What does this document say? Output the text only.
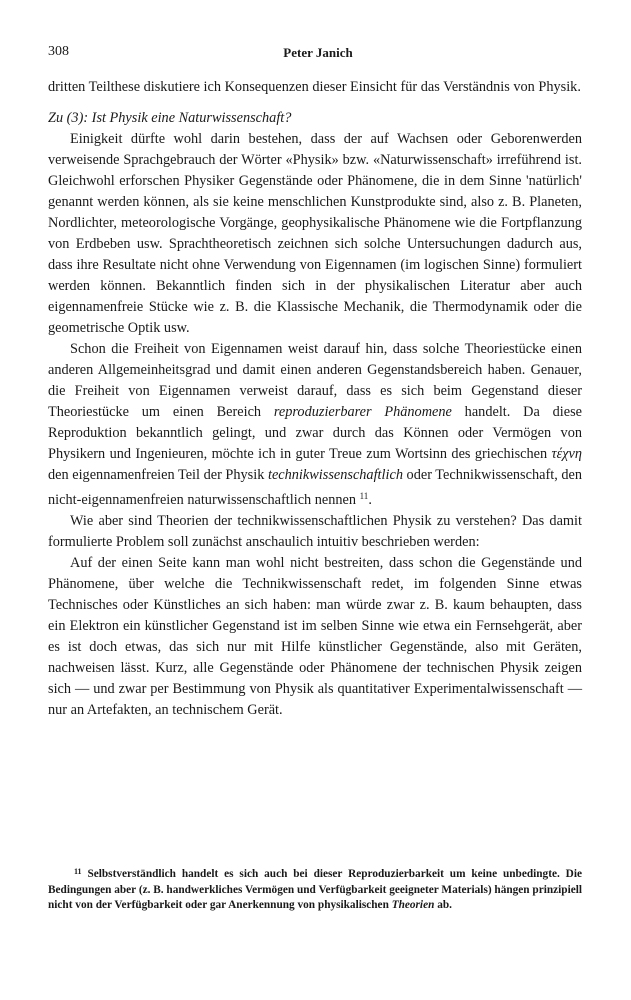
308	Peter Janich

dritten Teilthese diskutiere ich Konsequenzen dieser Einsicht für das Verständnis von Physik.

Zu (3): Ist Physik eine Naturwissenschaft?

Einigkeit dürfte wohl darin bestehen, dass der auf Wachsen oder Geborenwerden verweisende Sprachgebrauch der Wörter «Physik» bzw. «Naturwissenschaft» irreführend ist. Gleichwohl erforschen Physiker Gegenstände oder Phänomene, die in dem Sinne 'natürlich' genannt werden können, als sie keine menschlichen Kunstprodukte sind, also z. B. Planeten, Nordlichter, meteorologische Vorgänge, geophysikalische Phänomene wie die Fortpflanzung von Erdbeben usw. Sprachtheoretisch zeichnen sich solche Untersuchungen dadurch aus, dass ihre Resultate nicht ohne Verwendung von Eigennamen (im logischen Sinne) formuliert werden können. Bekanntlich finden sich in der physikalischen Literatur aber auch eigennamenfreie Stücke wie z. B. die Klassische Mechanik, die Thermodynamik oder die geometrische Optik usw.

Schon die Freiheit von Eigennamen weist darauf hin, dass solche Theoriestücke einen anderen Allgemeinheitsgrad und damit einen anderen Gegenstandsbereich haben. Genauer, die Freiheit von Eigennamen verweist darauf, dass es sich beim Gegenstand dieser Theoriestücke um einen Bereich reproduzierbarer Phänomene handelt. Da diese Reproduktion bekanntlich gelingt, und zwar durch das Können oder Vermögen von Physikern und Ingenieuren, möchte ich in guter Treue zum Wortsinn des griechischen τέχνη den eigennamenfreien Teil der Physik technikwissenschaftlich oder Technikwissenschaft, den nicht-eigennamenfreien naturwissenschaftlich nennen $^{11}$.

Wie aber sind Theorien der technikwissenschaftlichen Physik zu verstehen? Das damit formulierte Problem soll zunächst anschaulich intuitiv beschrieben werden:

Auf der einen Seite kann man wohl nicht bestreiten, dass schon die Gegenstände und Phänomene, über welche die Technikwissenschaft redet, im folgenden Sinne etwas Technisches oder Künstliches an sich haben: man würde zwar z. B. kaum behaupten, dass ein Elektron ein künstlicher Gegenstand ist im selben Sinne wie etwa ein Fernsehgerät, aber es ist doch etwas, das sich nur mit Hilfe künstlicher Gegenstände, also mit Geräten, nachweisen lässt. Kurz, alle Gegenstände oder Phänomene der technischen Physik zeigen sich — und zwar per Bestimmung von Physik als quantitativer Experimentalwissenschaft — nur an Artefakten, an technischem Gerät.

$^{11}$ Selbstverständlich handelt es sich auch bei dieser Reproduzierbarkeit um keine unbedingte. Die Bedingungen aber (z. B. handwerkliches Vermögen und Verfügbarkeit geeigneter Materials) hängen prinzipiell nicht von der Verfügbarkeit oder gar Anerkennung von physikalischen Theorien ab.
